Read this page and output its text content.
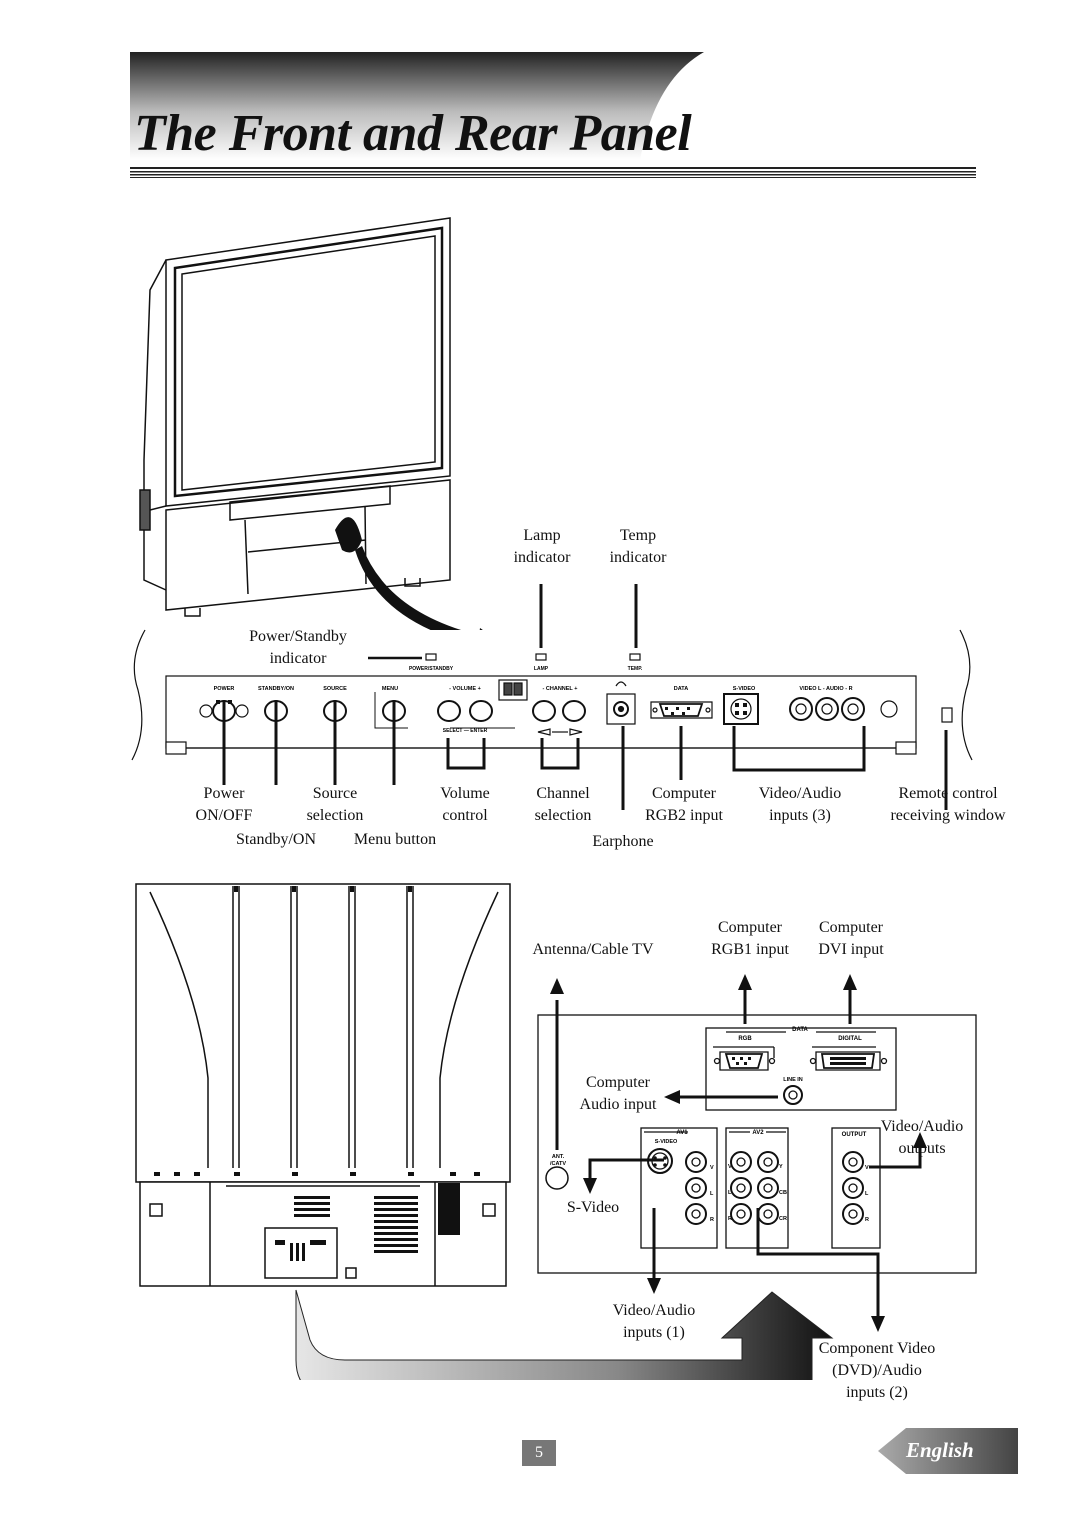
The Front and Rear Panel
POWER/STANDBY	LAMP	TEMP.
POWER	STANDBY/ON	SOURCE	MENU	- VOLUME +	- CHANNEL +	DATA	S-VIDEO	VIDEO L - AUDIO - R
SELECT — ENTER
Lamp
indicator
Temp
indicator
Power/Standby
indicator
Power
ON/OFF
Standby/ON
Source
selection
Menu button
Volume
control
Channel
selection
Earphone
Computer
RGB2 input
Video/Audio
inputs (3)
Remote control
receiving window
DATA
RGB	DIGITAL
LINE IN
AV1	AV2	OUTPUT
S-VIDEO
ANT.
/CATV
V
L
R
V
L
R
Y
CB
CR
V
L
R
Antenna/Cable TV
Computer
RGB1 input
Computer
DVI input
Computer
Audio input
Video/Audio
outputs
S-Video
Video/Audio
inputs (1)
Component Video
(DVD)/Audio
inputs (2)
5	English
